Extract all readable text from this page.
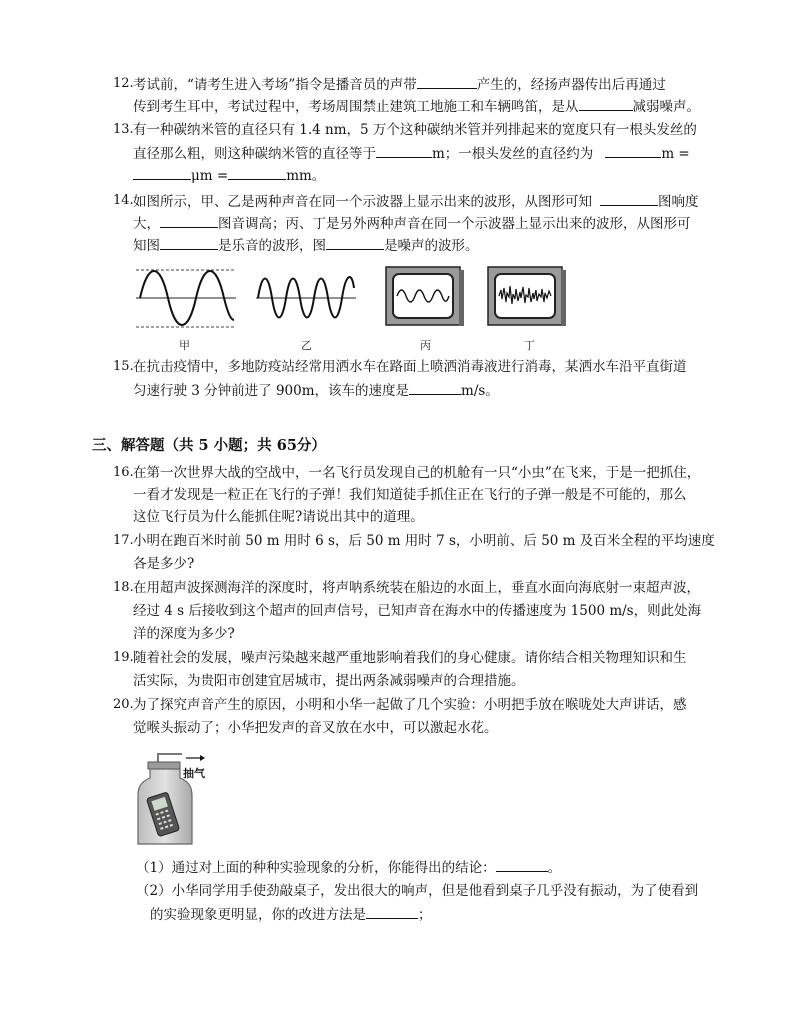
12. 考试前，“请考生进入考场”指令是播音员的声带	产生的，经扬声器传出后再通过
传到考生耳中，考试过程中，考场周围禁止建筑工地施工和车辆鸣笛，是从	减弱噪声。
13. 有一种碳纳米管的直径只有 1.4 nm，5 万个这种碳纳米管并列排起来的宽度只有一根头发丝的
直径那么粗，则这种碳纳米管的直径等于	m；一根头发丝的直径约为	m =
μm =	mm。
14. 如图所示，甲、乙是两种声音在同一个示波器上显示出来的波形，从图形可知	图响度
大，	图音调高；丙、丁是另外两种声音在同一个示波器上显示出来的波形，从图形可
知图	是乐音的波形，图	是噪声的波形。
甲	乙	丙	丁
15. 在抗击疫情中，多地防疫站经常用洒水车在路面上喷洒消毒液进行消毒，某洒水车沿平直街道
匀速行驶 3 分钟前进了 900m，该车的速度是	m/s。
三、解答题（共 5 小题；共 65分）
16. 在第一次世界大战的空战中，一名飞行员发现自己的机舱有一只“小虫”在飞来，于是一把抓住，
一看才发现是一粒正在飞行的子弹！我们知道徒手抓住正在飞行的子弹一般是不可能的，那么
这位飞行员为什么能抓住呢?请说出其中的道理。
17. 小明在跑百米时前 50 m 用时 6 s，后 50 m 用时 7 s，小明前、后 50 m 及百米全程的平均速度
各是多少?
18. 在用超声波探测海洋的深度时，将声呐系统装在船边的水面上，垂直水面向海底射一束超声波，
经过 4 s 后接收到这个超声的回声信号，已知声音在海水中的传播速度为 1500 m/s，则此处海
洋的深度为多少?
19. 随着社会的发展，噪声污染越来越严重地影响着我们的身心健康。请你结合相关物理知识和生
活实际，为贵阳市创建宜居城市，提出两条减弱噪声的合理措施。
20. 为了探究声音产生的原因，小明和小华一起做了几个实验：小明把手放在喉咙处大声讲话，感
觉喉头振动了；小华把发声的音叉放在水中，可以激起水花。
抽气
（1）通过对上面的种种实验现象的分析，你能得出的结论：	。
（2）小华同学用手使劲敲桌子，发出很大的响声，但是他看到桌子几乎没有振动，为了使看到
的实验现象更明显，你的改进方法是	；
